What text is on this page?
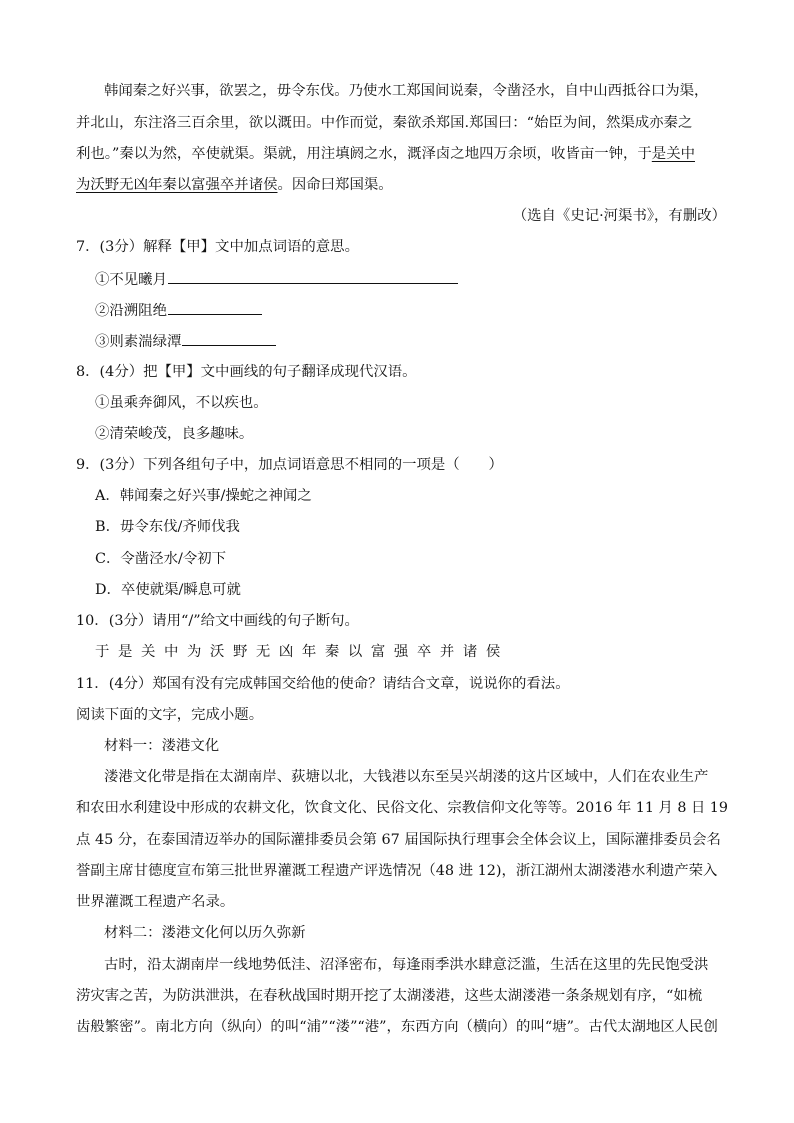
韩闻秦之好兴事，欲罢之，毋令东伐。乃使水工郑国间说秦，令凿泾水，自中山西抵谷口为渠，
并北山，东注洛三百余里，欲以溉田。中作而觉，秦欲杀郑国.郑国曰：“始臣为间，然渠成亦秦之
利也。”秦以为然，卒使就渠。渠就，用注填阏之水，溉泽卤之地四万余顷，收皆亩一钟，于是关中
为沃野无凶年秦以富强卒并诸侯。因命曰郑国渠。
（选自《史记·河渠书》，有删改）
7．(3分）解释【甲】文中加点词语的意思。
①不见曦月
②沿溯阻绝
③则素湍绿潭
8．(4分）把【甲】文中画线的句子翻译成现代汉语。
①虽乘奔御风，不以疾也。
②清荣峻茂，良多趣味。
9．(3分）下列各组句子中，加点词语意思不相同的一项是（　　）
A．韩闻秦之好兴事/操蛇之神闻之
B．毋令东伐/齐师伐我
C．令凿泾水/令初下
D．卒使就渠/瞬息可就
10．(3分）请用“/”给文中画线的句子断句。
于是关中为沃野无凶年秦以富强卒并诸侯
11．(4分）郑国有没有完成韩国交给他的使命？请结合文章，说说你的看法。
阅读下面的文字，完成小题。
材料一：溇港文化
溇港文化带是指在太湖南岸、荻塘以北，大钱港以东至吴兴胡溇的这片区域中，人们在农业生产
和农田水利建设中形成的农耕文化，饮食文化、民俗文化、宗教信仰文化等等。2016 年 11 月 8 日 19
点 45 分，在泰国清迈举办的国际灌排委员会第 67 届国际执行理事会全体会议上，国际灌排委员会名
誉副主席甘德度宣布第三批世界灌溉工程遗产评选情况（48 进 12)，浙江湖州太湖溇港水利遗产荣入
世界灌溉工程遗产名录。
材料二：溇港文化何以历久弥新
古时，沿太湖南岸一线地势低洼、沼泽密布，每逢雨季洪水肆意泛滥，生活在这里的先民饱受洪
涝灾害之苦，为防洪泄洪，在春秋战国时期开挖了太湖溇港，这些太湖溇港一条条规划有序，“如梳
齿般繁密”。南北方向（纵向）的叫“浦”“溇”“港”，东西方向（横向）的叫“塘”。古代太湖地区人民创
